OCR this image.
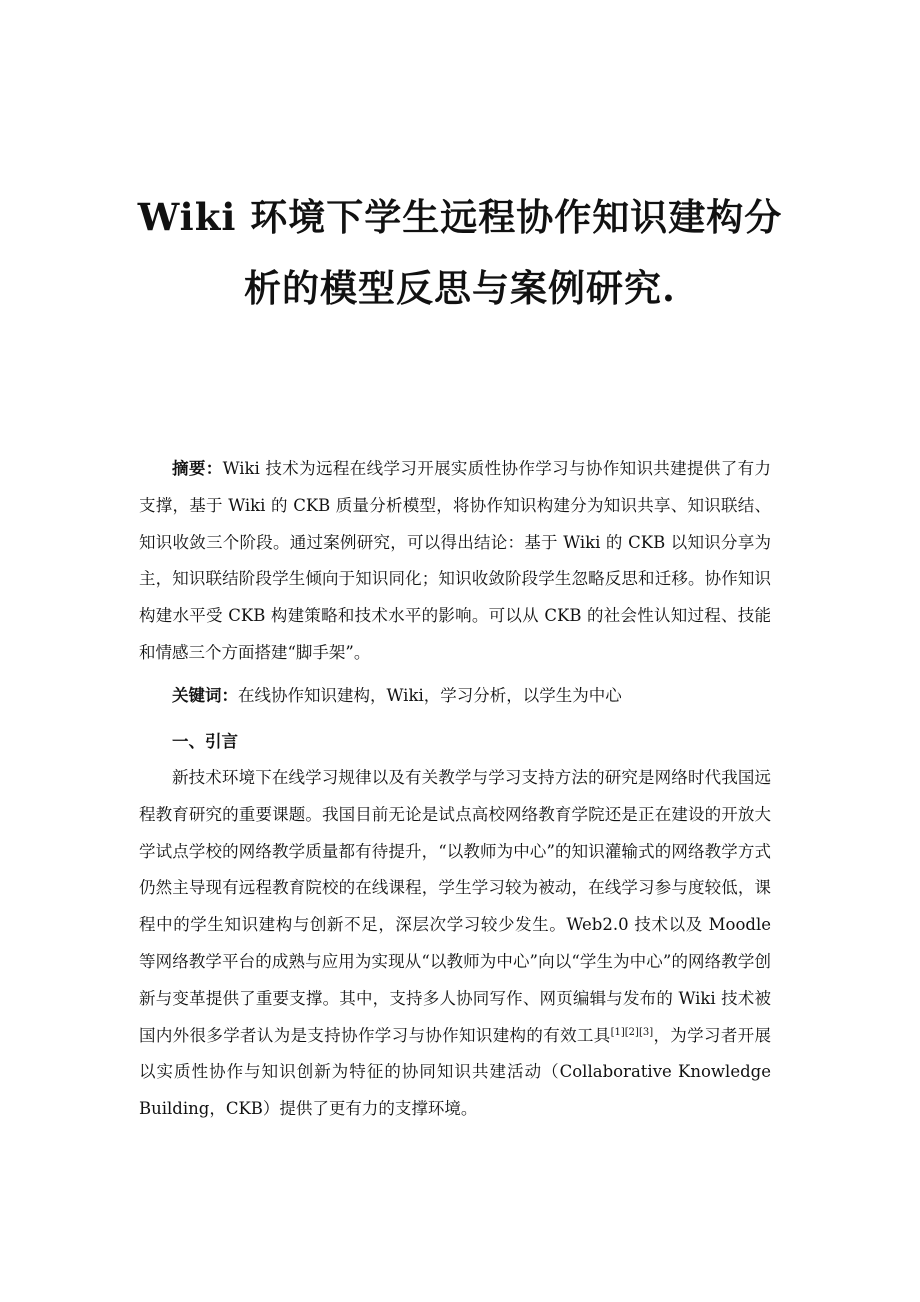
Wiki 环境下学生远程协作知识建构分
析的模型反思与案例研究.

摘要：Wiki 技术为远程在线学习开展实质性协作学习与协作知识共建提供了有力支撑，基于 Wiki 的 CKB 质量分析模型，将协作知识构建分为知识共享、知识联结、知识收敛三个阶段。通过案例研究，可以得出结论：基于 Wiki 的 CKB 以知识分享为主，知识联结阶段学生倾向于知识同化；知识收敛阶段学生忽略反思和迁移。协作知识构建水平受 CKB 构建策略和技术水平的影响。可以从 CKB 的社会性认知过程、技能和情感三个方面搭建“脚手架”。

关键词：在线协作知识建构，Wiki，学习分析，以学生为中心

一、引言

新技术环境下在线学习规律以及有关教学与学习支持方法的研究是网络时代我国远程教育研究的重要课题。我国目前无论是试点高校网络教育学院还是正在建设的开放大学试点学校的网络教学质量都有待提升，“以教师为中心”的知识灌输式的网络教学方式仍然主导现有远程教育院校的在线课程，学生学习较为被动，在线学习参与度较低，课程中的学生知识建构与创新不足，深层次学习较少发生。Web2.0 技术以及 Moodle 等网络教学平台的成熟与应用为实现从“以教师为中心”向以“学生为中心”的网络教学创新与变革提供了重要支撑。其中，支持多人协同写作、网页编辑与发布的 Wiki 技术被国内外很多学者认为是支持协作学习与协作知识建构的有效工具[1][2][3]，为学习者开展以实质性协作与知识创新为特征的协同知识共建活动（Collaborative Knowledge Building，CKB）提供了更有力的支撑环境。
